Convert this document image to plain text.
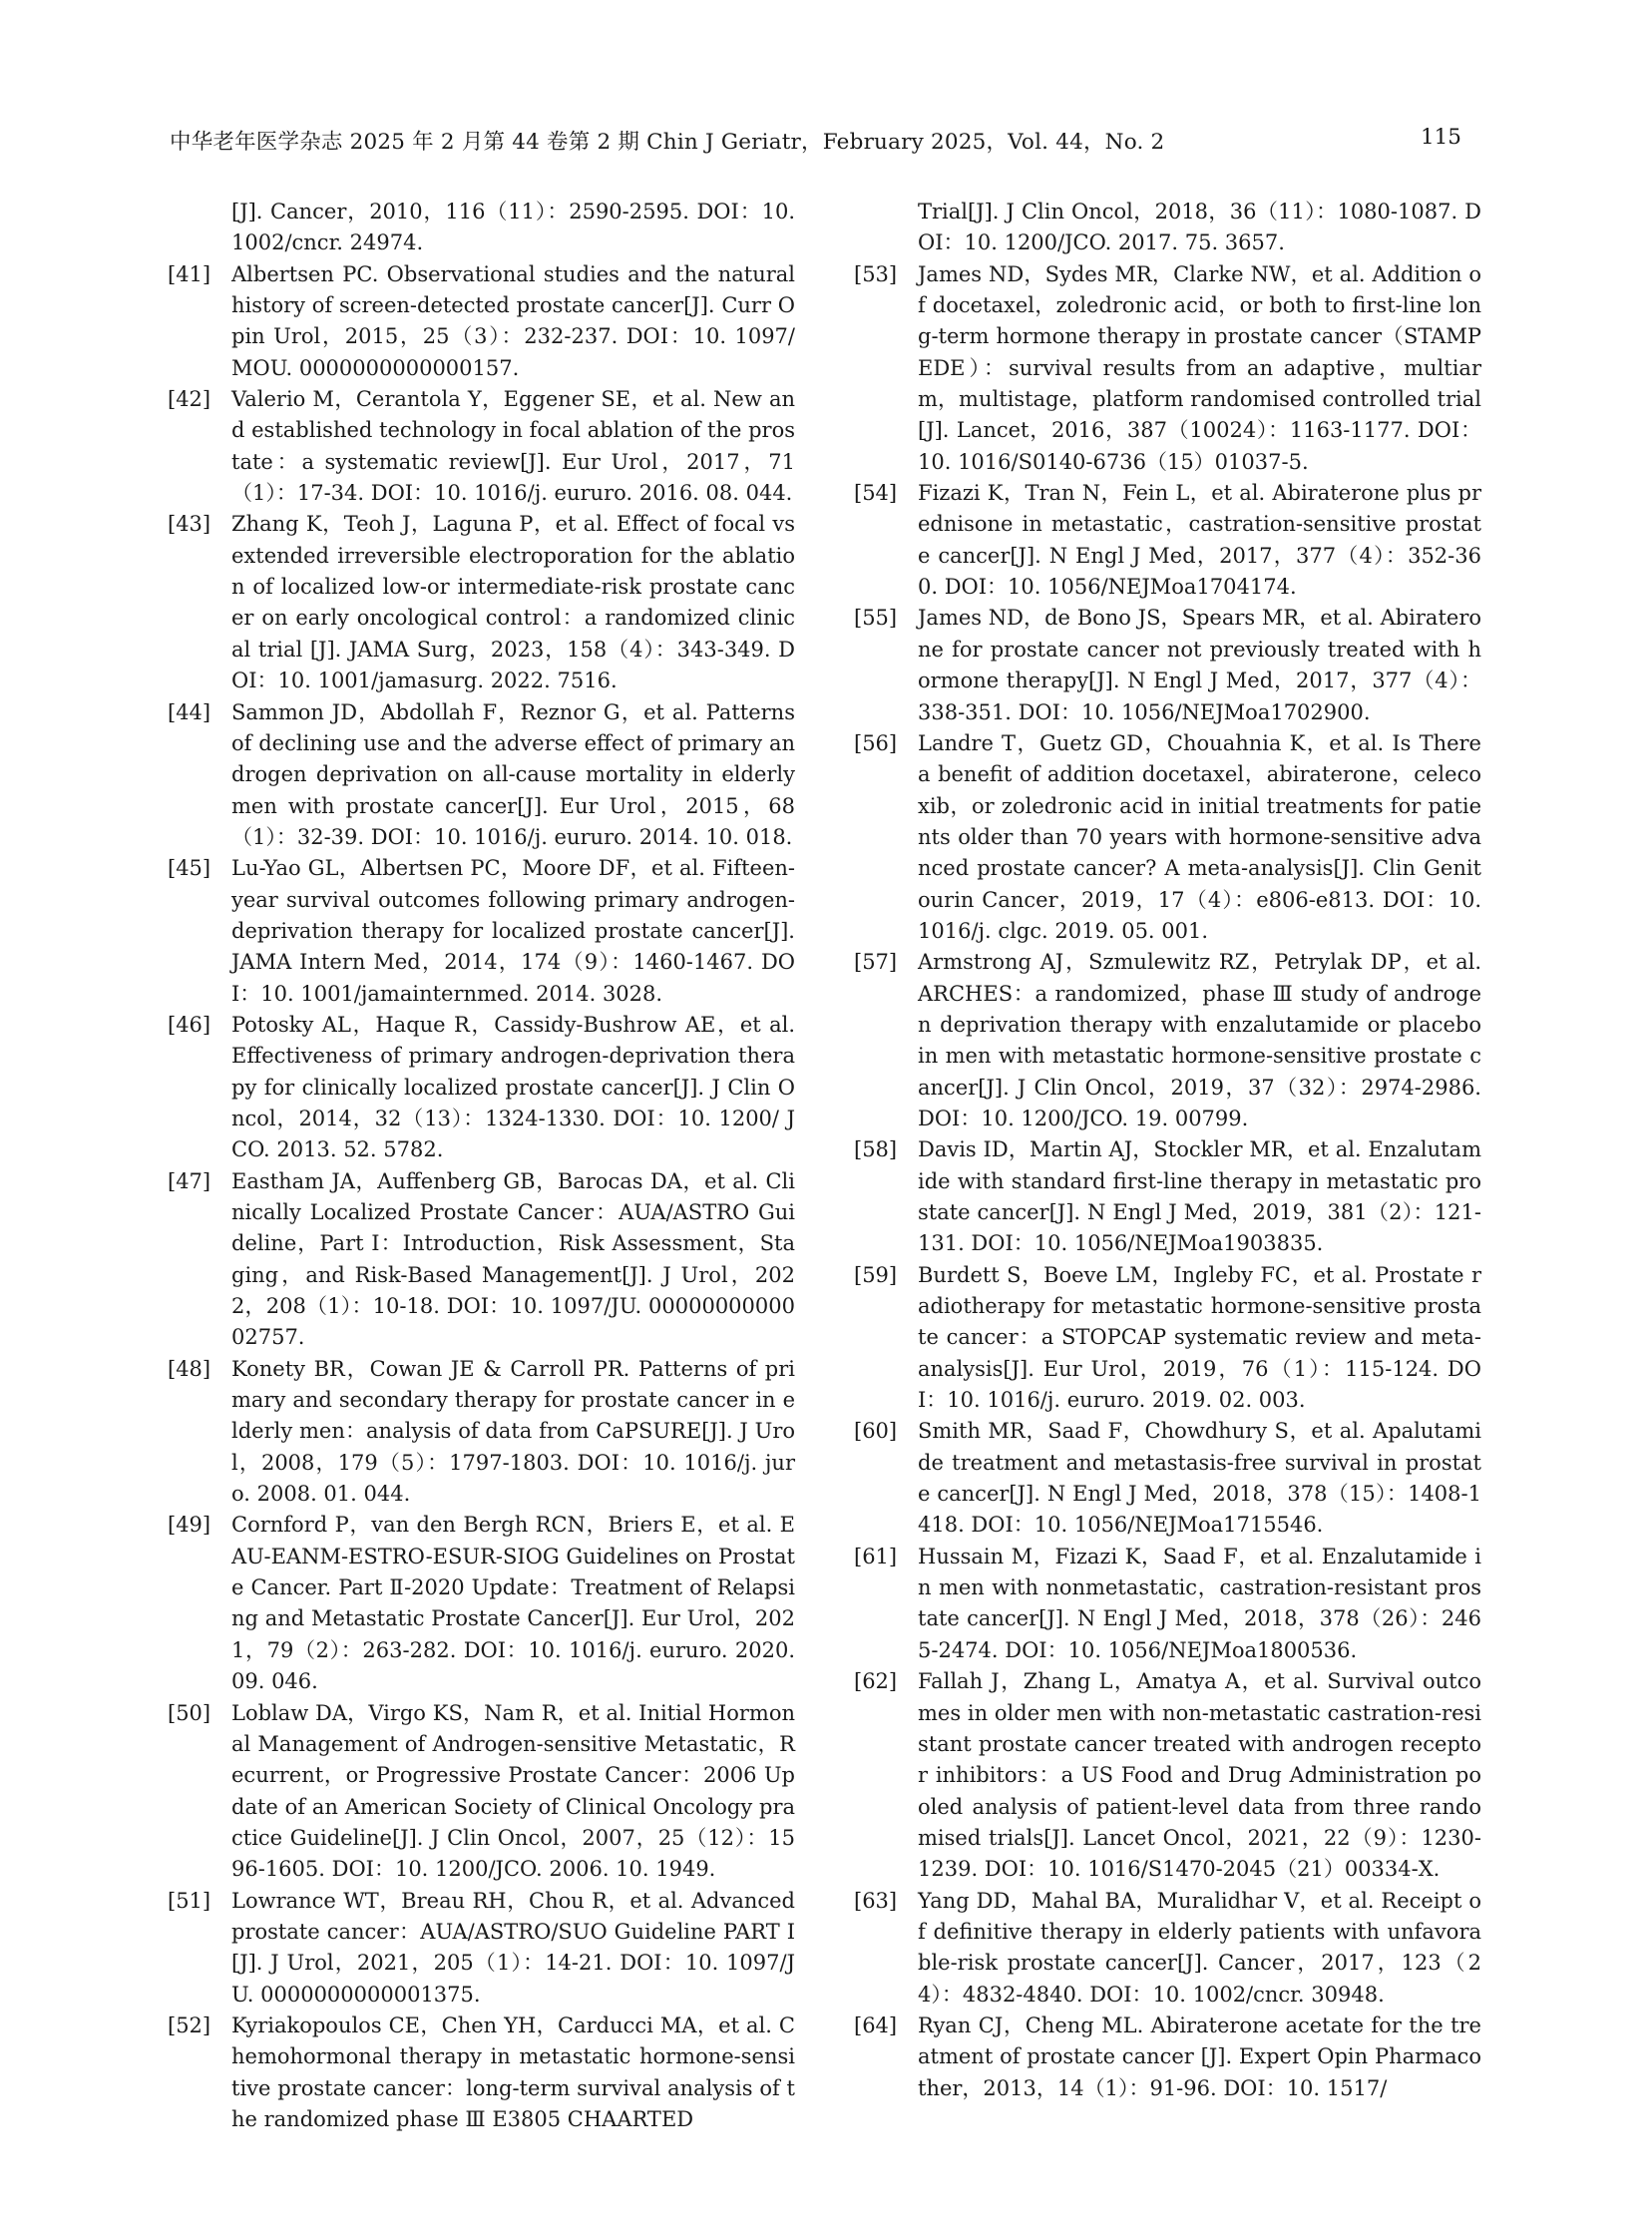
中华老年医学杂志 2025 年 2 月第 44 卷第 2 期 Chin J Geriatr，February 2025，Vol. 44，No. 2	115
[J]. Cancer，2010，116（11）：2590-2595. DOI：10. 1002/cncr. 24974.
[41] Albertsen PC. Observational studies and the natural history of screen-detected prostate cancer[J]. Curr Opin Urol，2015，25（3）：232-237. DOI：10. 1097/ MOU. 0000000000000157.
[42] Valerio M，Cerantola Y，Eggener SE，et al. New and established technology in focal ablation of the prostate：a systematic review[J]. Eur Urol，2017，71（1）：17-34. DOI：10. 1016/j. eururo. 2016. 08. 044.
[43] Zhang K，Teoh J，Laguna P，et al. Effect of focal vs extended irreversible electroporation for the ablation of localized low-or intermediate-risk prostate cancer on early oncological control：a randomized clinical trial [J]. JAMA Surg，2023，158（4）：343-349. DOI：10. 1001/jamasurg. 2022. 7516.
[44] Sammon JD，Abdollah F，Reznor G，et al. Patterns of declining use and the adverse effect of primary androgen deprivation on all-cause mortality in elderly men with prostate cancer[J]. Eur Urol，2015，68（1）：32-39. DOI：10. 1016/j. eururo. 2014. 10. 018.
[45] Lu-Yao GL，Albertsen PC，Moore DF，et al. Fifteen-year survival outcomes following primary androgen-deprivation therapy for localized prostate cancer[J]. JAMA Intern Med，2014，174（9）：1460-1467. DOI：10. 1001/jamainternmed. 2014. 3028.
[46] Potosky AL，Haque R，Cassidy-Bushrow AE，et al. Effectiveness of primary androgen-deprivation therapy for clinically localized prostate cancer[J]. J Clin Oncol，2014，32（13）：1324-1330. DOI：10. 1200/ JCO. 2013. 52. 5782.
[47] Eastham JA，Auffenberg GB，Barocas DA，et al. Clinically Localized Prostate Cancer：AUA/ASTRO Guideline，Part Ⅰ：Introduction，Risk Assessment，Staging，and Risk-Based Management[J]. J Urol，2022，208（1）：10-18. DOI：10. 1097/JU. 0000000000002757.
[48] Konety BR，Cowan JE & Carroll PR. Patterns of primary and secondary therapy for prostate cancer in elderly men：analysis of data from CaPSURE[J]. J Urol，2008，179（5）：1797-1803. DOI：10. 1016/j. juro. 2008. 01. 044.
[49] Cornford P，van den Bergh RCN，Briers E，et al. EAU-EANM-ESTRO-ESUR-SIOG Guidelines on Prostate Cancer. Part Ⅱ-2020 Update：Treatment of Relapsing and Metastatic Prostate Cancer[J]. Eur Urol，2021，79（2）：263-282. DOI：10. 1016/j. eururo. 2020. 09. 046.
[50] Loblaw DA，Virgo KS，Nam R，et al. Initial Hormonal Management of Androgen-sensitive Metastatic，Recurrent，or Progressive Prostate Cancer：2006 Update of an American Society of Clinical Oncology practice Guideline[J]. J Clin Oncol，2007，25（12）：1596-1605. DOI：10. 1200/JCO. 2006. 10. 1949.
[51] Lowrance WT，Breau RH，Chou R，et al. Advanced prostate cancer：AUA/ASTRO/SUO Guideline PART Ⅰ[J]. J Urol，2021，205（1）：14-21. DOI：10. 1097/JU. 0000000000001375.
[52] Kyriakopoulos CE，Chen YH，Carducci MA，et al. Chemohormonal therapy in metastatic hormone-sensitive prostate cancer：long-term survival analysis of the randomized phase Ⅲ E3805 CHAARTED
Trial[J]. J Clin Oncol，2018，36（11）：1080-1087. DOI：10. 1200/JCO. 2017. 75. 3657.
[53] James ND，Sydes MR，Clarke NW，et al. Addition of docetaxel，zoledronic acid，or both to first-line long-term hormone therapy in prostate cancer（STAMPEDE）：survival results from an adaptive，multiarm，multistage，platform randomised controlled trial[J]. Lancet，2016，387（10024）：1163-1177. DOI：10. 1016/S0140-6736（15）01037-5.
[54] Fizazi K，Tran N，Fein L，et al. Abiraterone plus prednisone in metastatic，castration-sensitive prostate cancer[J]. N Engl J Med，2017，377（4）：352-360. DOI：10. 1056/NEJMoa1704174.
[55] James ND，de Bono JS，Spears MR，et al. Abiraterone for prostate cancer not previously treated with hormone therapy[J]. N Engl J Med，2017，377（4）：338-351. DOI：10. 1056/NEJMoa1702900.
[56] Landre T，Guetz GD，Chouahnia K，et al. Is There a benefit of addition docetaxel，abiraterone，celecoxib，or zoledronic acid in initial treatments for patients older than 70 years with hormone-sensitive advanced prostate cancer? A meta-analysis[J]. Clin Genitourin Cancer，2019，17（4）：e806-e813. DOI：10. 1016/j. clgc. 2019. 05. 001.
[57] Armstrong AJ，Szmulewitz RZ，Petrylak DP，et al. ARCHES：a randomized，phase Ⅲ study of androgen deprivation therapy with enzalutamide or placebo in men with metastatic hormone-sensitive prostate cancer[J]. J Clin Oncol，2019，37（32）：2974-2986. DOI：10. 1200/JCO. 19. 00799.
[58] Davis ID，Martin AJ，Stockler MR，et al. Enzalutamide with standard first-line therapy in metastatic prostate cancer[J]. N Engl J Med，2019，381（2）：121-131. DOI：10. 1056/NEJMoa1903835.
[59] Burdett S，Boeve LM，Ingleby FC，et al. Prostate radiotherapy for metastatic hormone-sensitive prostate cancer：a STOPCAP systematic review and meta-analysis[J]. Eur Urol，2019，76（1）：115-124. DOI：10. 1016/j. eururo. 2019. 02. 003.
[60] Smith MR，Saad F，Chowdhury S，et al. Apalutamide treatment and metastasis-free survival in prostate cancer[J]. N Engl J Med，2018，378（15）：1408-1418. DOI：10. 1056/NEJMoa1715546.
[61] Hussain M，Fizazi K，Saad F，et al. Enzalutamide in men with nonmetastatic，castration-resistant prostate cancer[J]. N Engl J Med，2018，378（26）：2465-2474. DOI：10. 1056/NEJMoa1800536.
[62] Fallah J，Zhang L，Amatya A，et al. Survival outcomes in older men with non-metastatic castration-resistant prostate cancer treated with androgen receptor inhibitors：a US Food and Drug Administration pooled analysis of patient-level data from three randomised trials[J]. Lancet Oncol，2021，22（9）：1230-1239. DOI：10. 1016/S1470-2045（21）00334-X.
[63] Yang DD，Mahal BA，Muralidhar V，et al. Receipt of definitive therapy in elderly patients with unfavorable-risk prostate cancer[J]. Cancer，2017，123（24）：4832-4840. DOI：10. 1002/cncr. 30948.
[64] Ryan CJ，Cheng ML. Abiraterone acetate for the treatment of prostate cancer [J]. Expert Opin Pharmacother，2013，14（1）：91-96. DOI：10. 1517/
